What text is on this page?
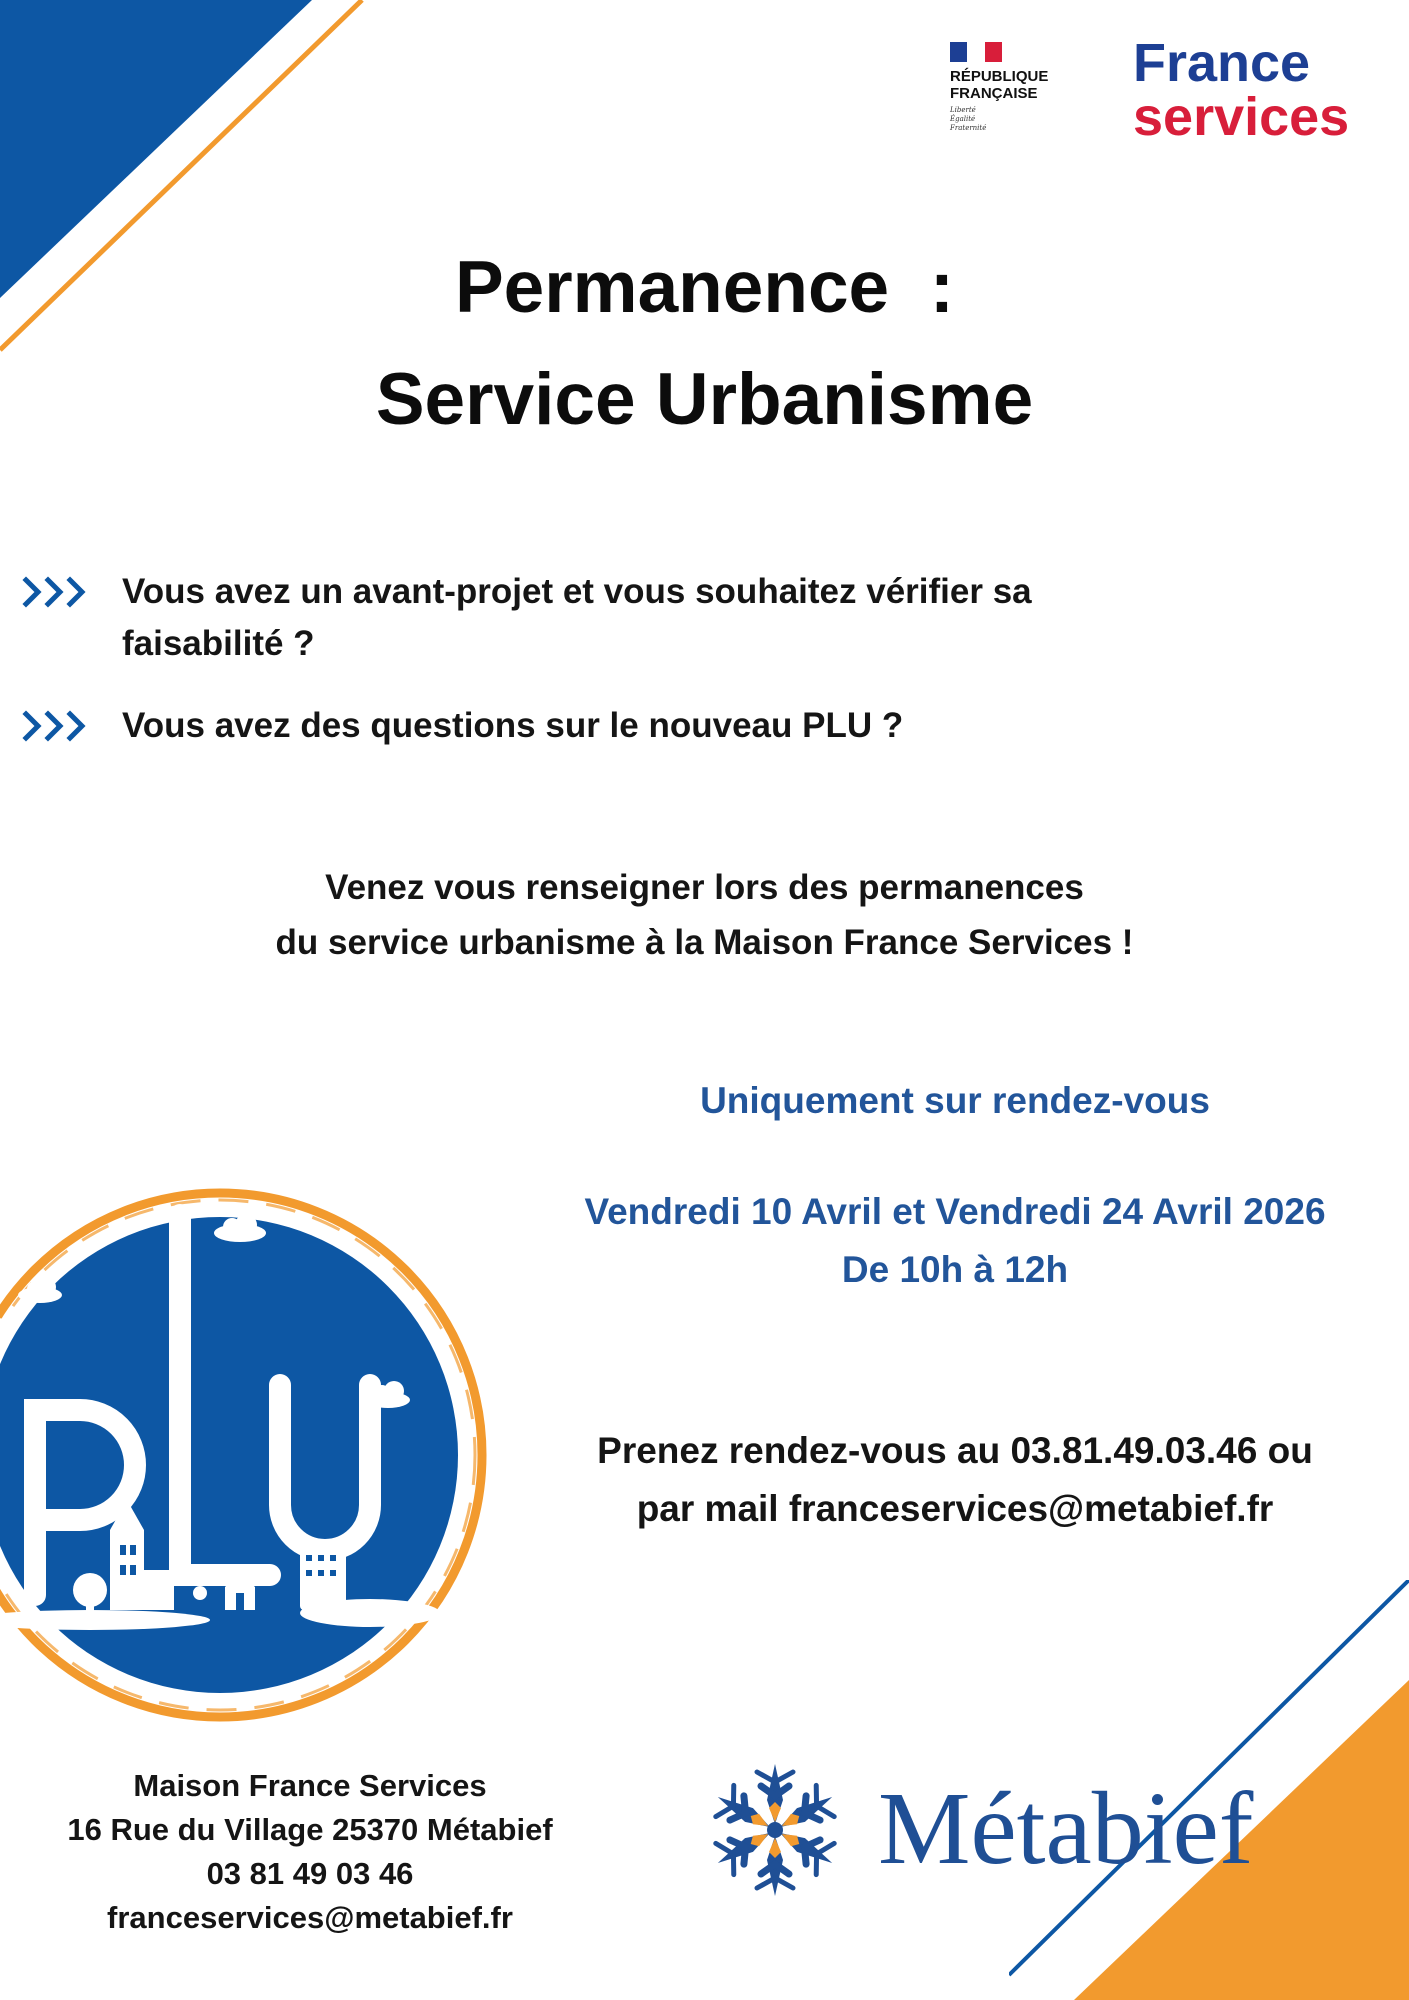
RÉPUBLIQUE
FRANÇAISE
Liberté
Égalité
Fraternité
France
services
Permanence  :
Service Urbanisme
Vous avez un avant-projet et vous souhaitez vérifier sa
faisabilité ?
Vous avez des questions sur le nouveau PLU ?
Venez vous renseigner lors des permanences
du service urbanisme à la Maison France Services !
Uniquement sur rendez-vous
Vendredi 10 Avril et Vendredi 24 Avril 2026
De 10h à 12h
Prenez rendez-vous au 03.81.49.03.46 ou
par mail franceservices@metabief.fr
Maison France Services
16 Rue du Village 25370 Métabief
03 81 49 03 46
franceservices@metabief.fr
Métabief
